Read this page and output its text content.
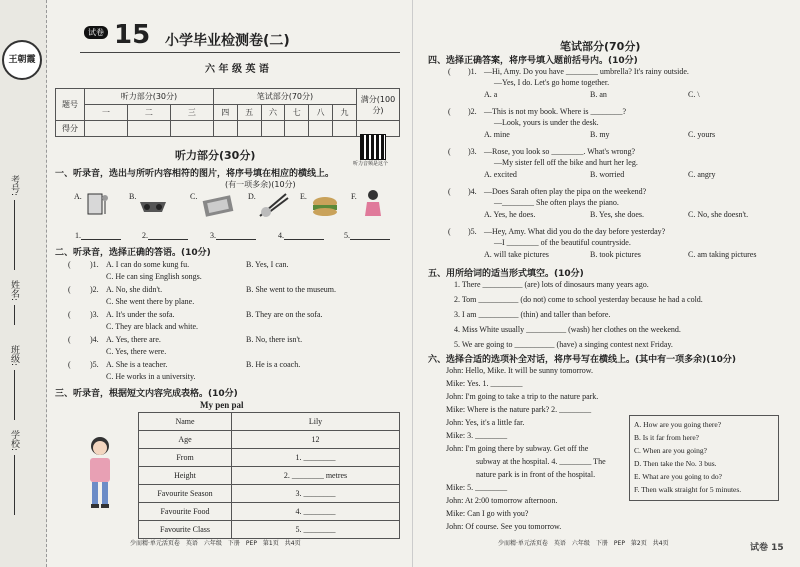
王朝霞
考号:
姓名:
班级:
学校:
试卷 15 小学毕业检测卷(二)
六 年 级 英 语
题号	听力部分(30分)			笔试部分(70分)						满分(100分)
	一	二	三	四	五	六	七	八	九	
得分										
听力部分(30分)
听力音频是这个
一、听录音，选出与所听内容相符的图片，将序号填在相应的横线上。
(有一项多余)(10分)
A.	B.	C.	D.	E.	F.
1.	2.	3.	4.	5.
二、听录音，选择正确的答语。(10分)
( )1. A. I can do some kung fu.	B. Yes, I can.
C. He can sing English songs.
( )2. A. No, she didn't.	B. She went to the museum.
C. She went there by plane.
( )3. A. It's under the sofa.	B. They are on the sofa.
C. They are black and white.
( )4. A. Yes, there are.	B. No, there isn't.
C. Yes, there were.
( )5. A. She is a teacher.	B. He is a coach.
C. He works in a university.
三、听录音，根据短文内容完成表格。(10分)
My pen pal
Name	Lily
Age	12
From	1. ________
Height	2. ________ metres
Favourite Season	3. ________
Favourite Food	4. ________
Favourite Class	5. ________
少而精·单元活页卷　英语　六年级　下册　PEP　第1页　共4页
笔试部分(70分)
四、选择正确答案，将序号填入题前括号内。(10分)
( )1. —Hi, Amy. Do you have ________ umbrella? It's rainy outside.
—Yes, I do. Let's go home together.
A. a	B. an	C. \
( )2. —This is not my book. Where is ________?
—Look, yours is under the desk.
A. mine	B. my	C. yours
( )3. —Rose, you look so ________. What's wrong?
—My sister fell off the bike and hurt her leg.
A. excited	B. worried	C. angry
( )4. —Does Sarah often play the pipa on the weekend?
—________ She often plays the piano.
A. Yes, he does.	B. Yes, she does.	C. No, she doesn't.
( )5. —Hey, Amy. What did you do the day before yesterday?
—I ________ of the beautiful countryside.
A. will take pictures	B. took pictures	C. am taking pictures
五、用所给词的适当形式填空。(10分)
1. There __________ (are) lots of dinosaurs many years ago.
2. Tom __________ (do not) come to school yesterday because he had a cold.
3. I am __________ (thin) and taller than before.
4. Miss White usually __________ (wash) her clothes on the weekend.
5. We are going to __________ (have) a singing contest next Friday.
六、选择合适的选项补全对话，将序号写在横线上。(其中有一项多余)(10分)
John: Hello, Mike. It will be sunny tomorrow.
Mike: Yes. 1. ________
John: I'm going to take a trip to the nature park.
Mike: Where is the nature park? 2. ________
John: Yes, it's a little far.
Mike: 3. ________
John: I'm going there by subway. Get off the
subway at the hospital. 4. ________ The
nature park is in front of the hospital.
Mike: 5. ________
John: At 2:00 tomorrow afternoon.
Mike: Can I go with you?
John: Of course. See you tomorrow.
A. How are you going there?
B. Is it far from here?
C. When are you going?
D. Then take the No. 3 bus.
E. What are you going to do?
F. Then walk straight for 5 minutes.
少而精·单元活页卷　英语　六年级　下册　PEP　第2页　共4页	试卷 15
